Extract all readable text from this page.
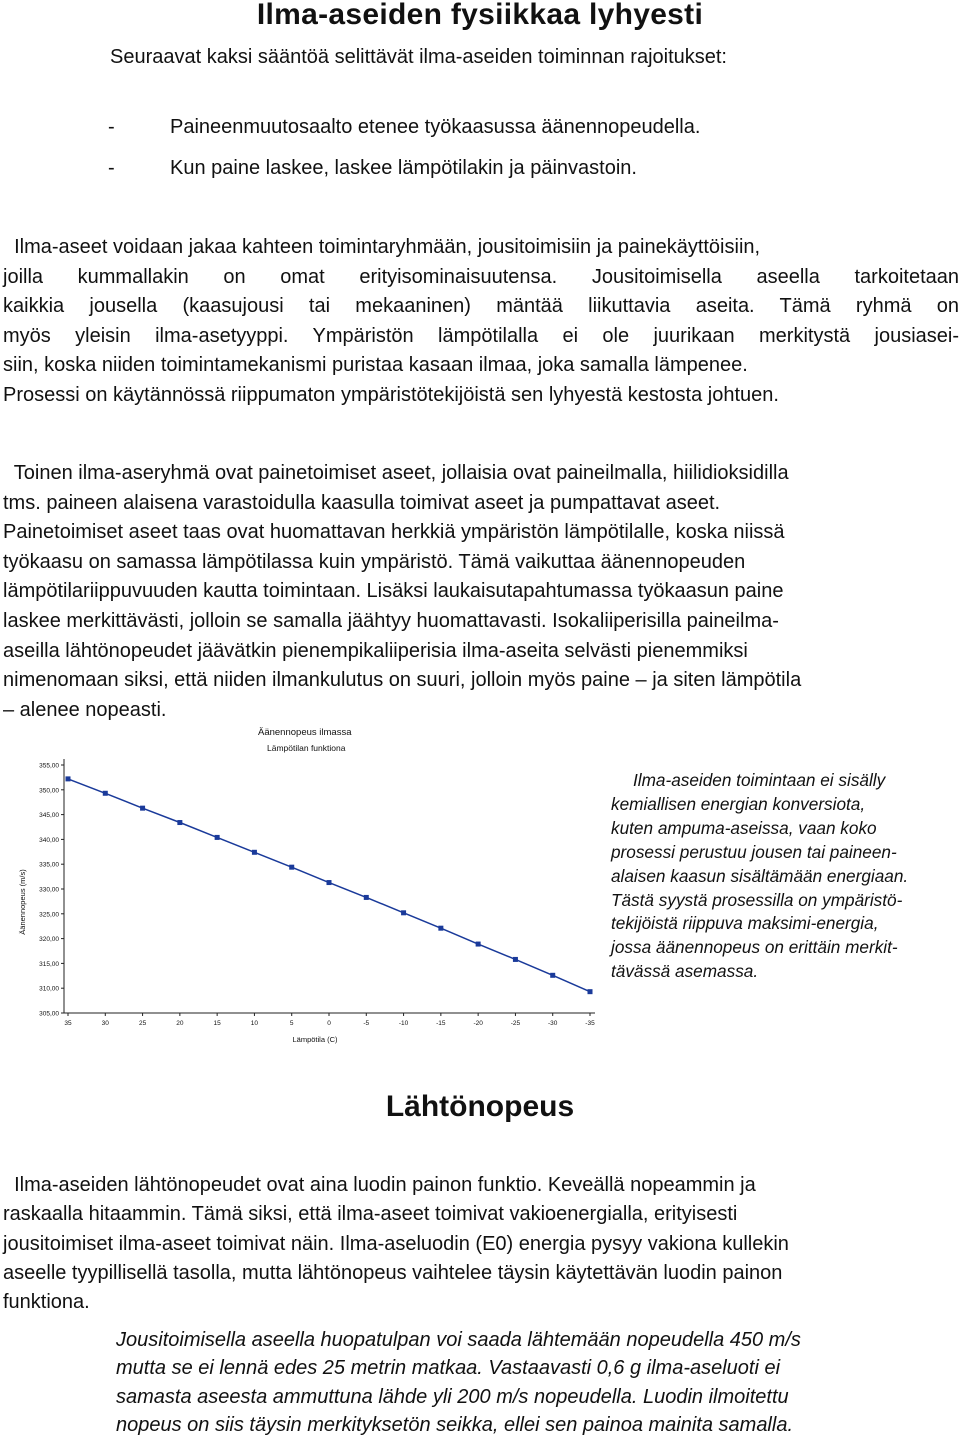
Ilma-aseiden fysiikkaa lyhyesti
Seuraavat kaksi sääntöä selittävät ilma-aseiden toiminnan rajoitukset:
-	Paineenmuutosaalto etenee työkaasussa äänennopeudella.
-	Kun paine laskee, laskee lämpötilakin ja päinvastoin.
Ilma-aseet voidaan jakaa kahteen toimintaryhmään, jousitoimisiin ja painekäyttöisiin,
joilla kummallakin on omat erityisominaisuutensa. Jousitoimisella aseella tarkoitetaan
kaikkia jousella (kaasujousi tai mekaaninen) mäntää liikuttavia aseita. Tämä ryhmä on
myös yleisin ilma-asetyyppi. Ympäristön lämpötilalla ei ole juurikaan merkitystä jousiasei-
siin, koska niiden toimintamekanismi puristaa kasaan ilmaa, joka samalla lämpenee.
Prosessi on käytännössä riippumaton ympäristötekijöistä sen lyhyestä kestosta johtuen.
Toinen ilma-aseryhmä ovat painetoimiset aseet, jollaisia ovat paineilmalla, hiilidioksidilla
tms. paineen alaisena varastoidulla kaasulla toimivat aseet ja pumpattavat aseet.
Painetoimiset aseet taas ovat huomattavan herkkiä ympäristön lämpötilalle, koska niissä
työkaasu on samassa lämpötilassa kuin ympäristö. Tämä vaikuttaa äänennopeuden
lämpötilariippuvuuden kautta toimintaan. Lisäksi laukaisutapahtumassa työkaasun paine
laskee merkittävästi, jolloin se samalla jäähtyy huomattavasti. Isokaliiperisilla paineilma-
aseilla lähtönopeudet jäävätkin pienempikaliiperisia ilma-aseita selvästi pienemmiksi
nimenomaan siksi, että niiden ilmankulutus on suuri, jolloin myös paine – ja siten lämpötila
– alenee nopeasti.
Äänennopeus ilmassa
Lämpötilan funktiona
Äänennopeus (m/s)
Lämpötila (C)
355,00
350,00
345,00
340,00
335,00
330,00
325,00
320,00
315,00
310,00
305,00
35	30	25	20	15	10	5	0	-5	-10	-15	-20	-25	-30	-35
Ilma-aseiden toimintaan ei sisälly
kemiallisen energian konversiota,
kuten ampuma-aseissa, vaan koko
prosessi perustuu jousen tai paineen-
alaisen kaasun sisältämään energiaan.
Tästä syystä prosessilla on ympäristö-
tekijöistä riippuva maksimi-energia,
jossa äänennopeus on erittäin merkit-
tävässä asemassa.
Lähtönopeus
Ilma-aseiden lähtönopeudet ovat aina luodin painon funktio. Keveällä nopeammin ja
raskaalla hitaammin. Tämä siksi, että ilma-aseet toimivat vakioenergialla, erityisesti
jousitoimiset ilma-aseet toimivat näin. Ilma-aseluodin (E0) energia pysyy vakiona kullekin
aseelle tyypillisellä tasolla, mutta lähtönopeus vaihtelee täysin käytettävän luodin painon
funktiona.
Jousitoimisella aseella huopatulpan voi saada lähtemään nopeudella 450 m/s
mutta se ei lennä edes 25 metrin matkaa. Vastaavasti 0,6 g ilma-aseluoti ei
samasta aseesta ammuttuna lähde yli 200 m/s nopeudella. Luodin ilmoitettu
nopeus on siis täysin merkityksetön seikka, ellei sen painoa mainita samalla.
